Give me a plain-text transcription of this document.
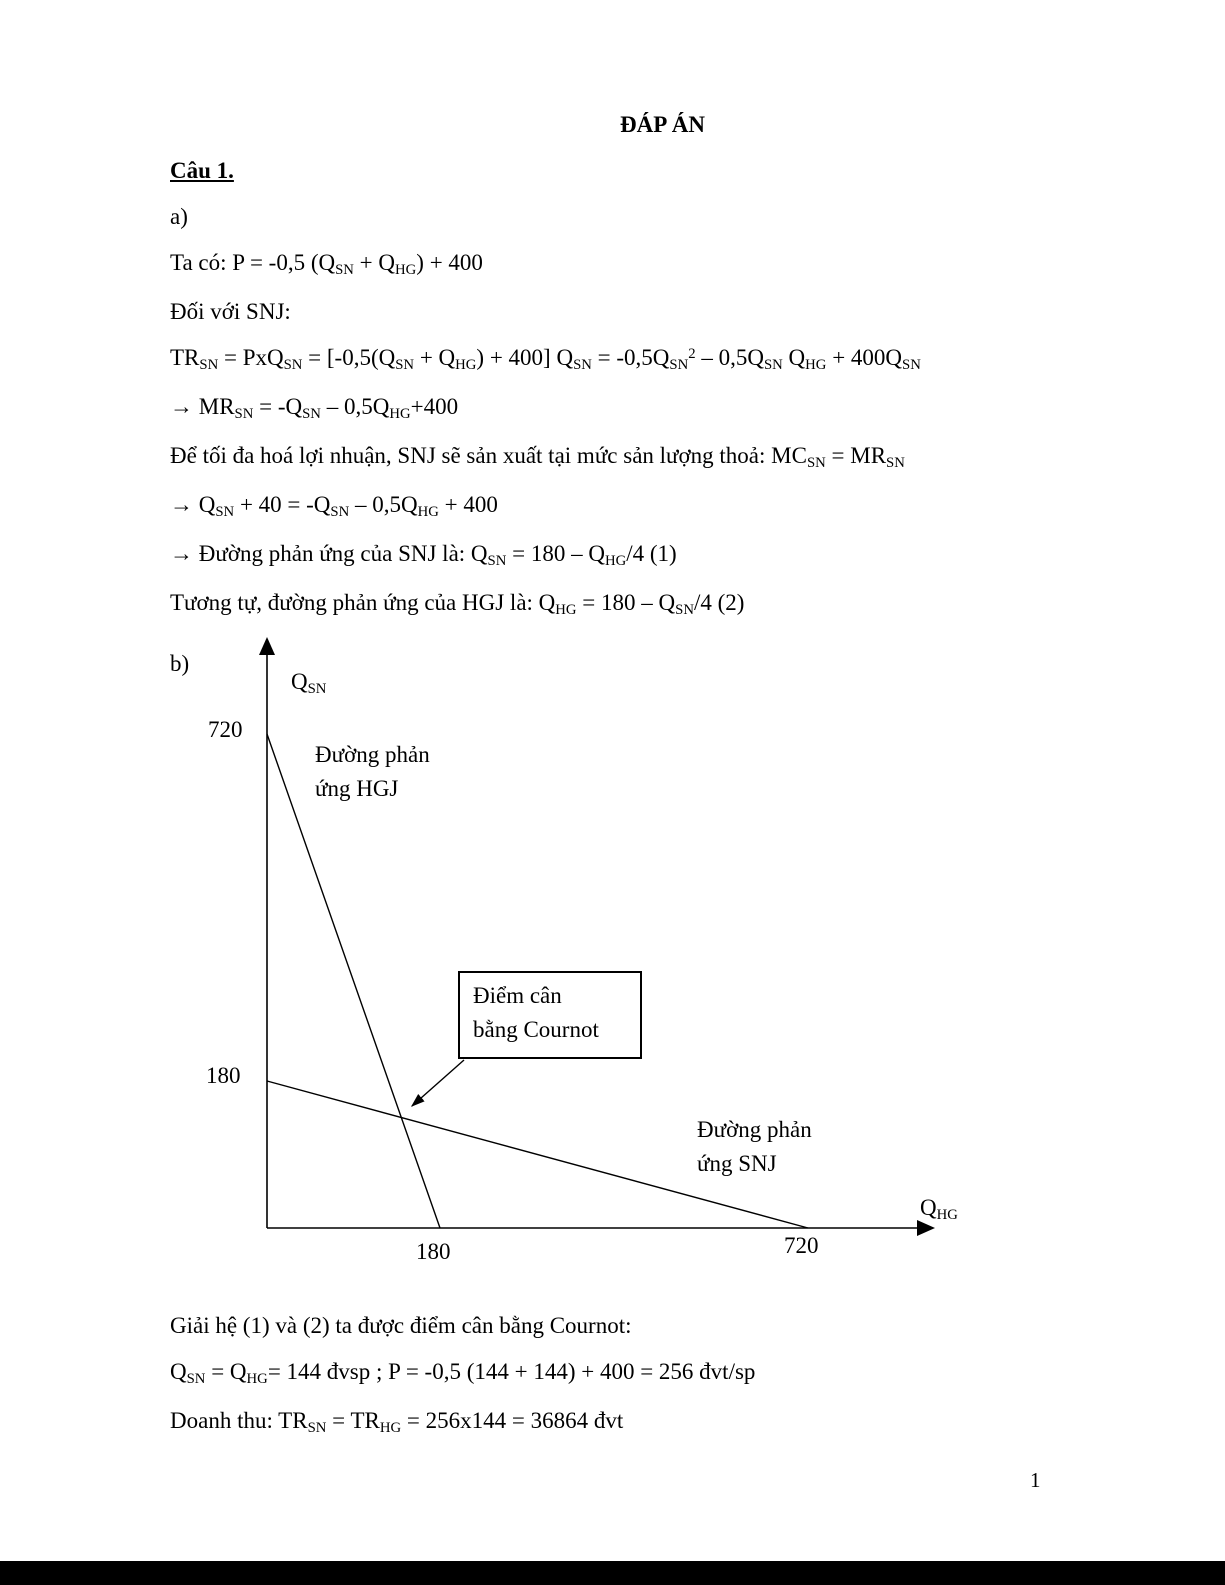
ĐÁP ÁN

Câu 1.

a)

Ta có: P = -0,5 $(Q_{SN} + Q_{HG}) + 400$

Đối với SNJ:

$TR_{SN} = PxQ_{SN} = [-0,5(Q_{SN} + Q_{HG}) + 400] Q_{SN} = -0,5Q_{SN}^2 - 0,5Q_{SN}$ $Q_{HG} + 400Q_{SN}$

→ $MR_{SN} = -Q_{SN} - 0,5Q_{HG}+400$

Để tối đa hoá lợi nhuận, SNJ sẽ sản xuất tại mức sản lượng thoả: $MC_{SN} = MR_{SN}$

→ $Q_{SN} + 40 = -Q_{SN} - 0,5Q_{HG} + 400$

→ Đường phản ứng của SNJ là: $Q_{SN} = 180 - Q_{HG}/4$ (1)

Tương tự, đường phản ứng của HGJ là: $Q_{HG} = 180 - Q_{SN}/4$ (2)

b)
$Q_{SN}$
720
Đường phản
ứng HGJ
180
Điểm cân
bằng Cournot
Đường phản
ứng SNJ
$Q_{HG}$
180	720

Giải hệ (1) và (2) ta được điểm cân bằng Cournot:

$Q_{SN} = Q_{HG}= 144$ đvsp ; P = -0,5 (144 + 144) + 400 = 256 đvt/sp

Doanh thu: $TR_{SN} = TR_{HG} = 256x144 = 36864$ đvt

1
